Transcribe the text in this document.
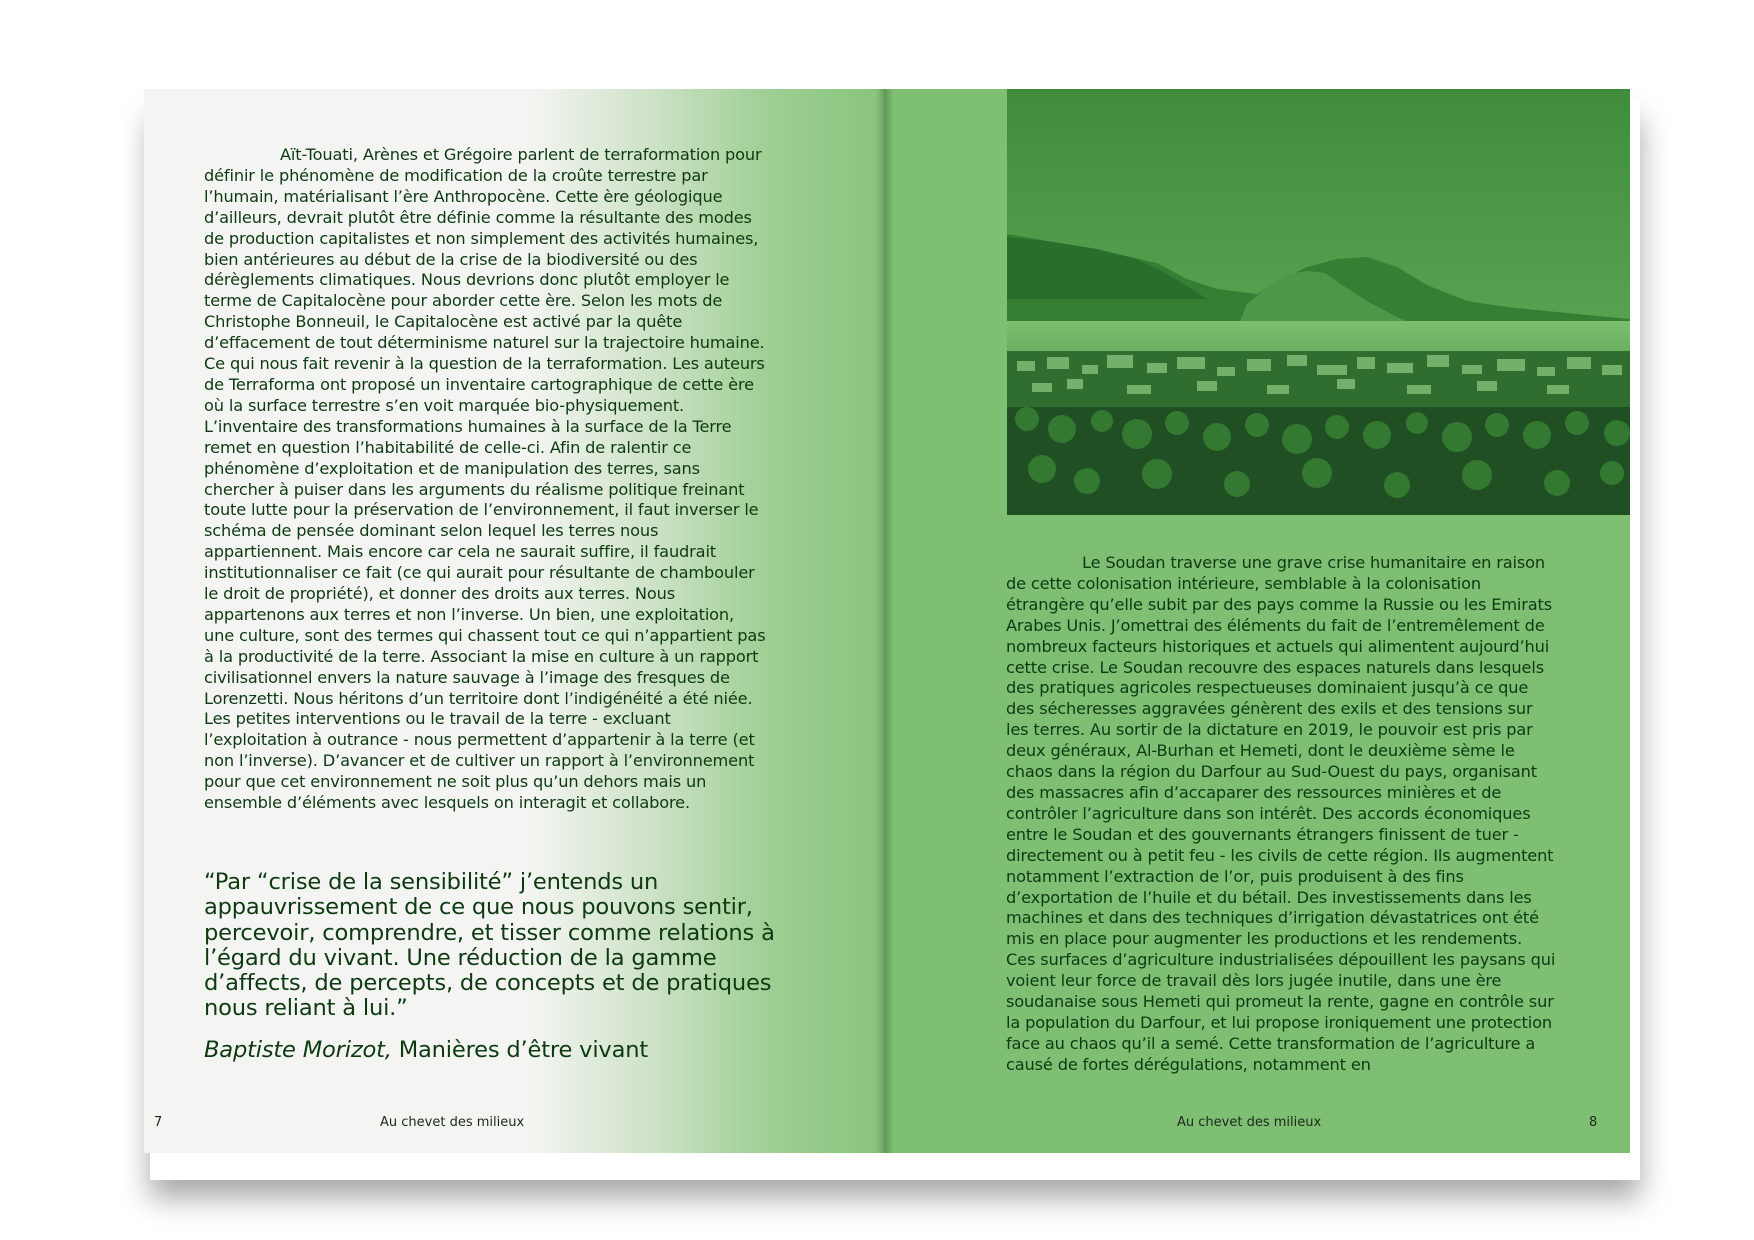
Aït-Touati, Arènes et Grégoire parlent de terraformation pour définir le phénomène de modification de la croûte terrestre par l’humain, matérialisant l’ère Anthropocène. Cette ère géologique d’ailleurs, devrait plutôt être définie comme la résultante des modes de production capitalistes et non simplement des activités humaines, bien antérieures au début de la crise de la biodiversité ou des dérèglements climatiques. Nous devrions donc plutôt employer le terme de Capitalocène pour aborder cette ère. Selon les mots de Christophe Bonneuil, le Capitalocène est activé par la quête d’effacement de tout déterminisme naturel sur la trajectoire humaine. Ce qui nous fait revenir à la question de la terraformation. Les auteurs de Terraforma ont proposé un inventaire cartographique de cette ère où la surface terrestre s’en voit marquée bio-physiquement. L’inventaire des transformations humaines à la surface de la Terre remet en question l’habitabilité de celle-ci. Afin de ralentir ce phénomène d’exploitation et de manipulation des terres, sans chercher à puiser dans les arguments du réalisme politique freinant toute lutte pour la préservation de l’environnement, il faut inverser le schéma de pensée dominant selon lequel les terres nous appartiennent. Mais encore car cela ne saurait suffire, il faudrait institutionnaliser ce fait (ce qui aurait pour résultante de chambouler le droit de propriété), et donner des droits aux terres. Nous appartenons aux terres et non l’inverse. Un bien, une exploitation, une culture, sont des termes qui chassent tout ce qui n’appartient pas à la productivité de la terre. Associant la mise en culture à un rapport civilisationnel envers la nature sauvage à l’image des fresques de Lorenzetti. Nous héritons d’un territoire dont l’indigénéité a été niée. Les petites interventions ou le travail de la terre - excluant l’exploitation à outrance - nous permettent d’appartenir à la terre (et non l’inverse). D’avancer et de cultiver un rapport à l’environnement pour que cet environnement ne soit plus qu’un dehors mais un ensemble d’éléments avec lesquels on interagit et collabore.

“Par “crise de la sensibilité” j’entends un appauvrissement de ce que nous pouvons sentir, percevoir, comprendre, et tisser comme relations à l’égard du vivant. Une réduction de la gamme d’affects, de percepts, de concepts et de pratiques nous reliant à lui.”
Baptiste Morizot, Manières d’être vivant
7	Au chevet des milieux

Le Soudan traverse une grave crise humanitaire en raison de cette colonisation intérieure, semblable à la colonisation étrangère qu’elle subit par des pays comme la Russie ou les Emirats Arabes Unis. J’omettrai des éléments du fait de l’entremêlement de nombreux facteurs historiques et actuels qui alimentent aujourd’hui cette crise. Le Soudan recouvre des espaces naturels dans lesquels des pratiques agricoles respectueuses dominaient jusqu’à ce que des sécheresses aggravées génèrent des exils et des tensions sur les terres. Au sortir de la dictature en 2019, le pouvoir est pris par deux généraux, Al-Burhan et Hemeti, dont le deuxième sème le chaos dans la région du Darfour au Sud-Ouest du pays, organisant des massacres afin d’accaparer des ressources minières et de contrôler l’agriculture dans son intérêt. Des accords économiques entre le Soudan et des gouvernants étrangers finissent de tuer - directement ou à petit feu - les civils de cette région. Ils augmentent notamment l’extraction de l’or, puis produisent à des fins d’exportation de l’huile et du bétail. Des investissements dans les machines et dans des techniques d’irrigation dévastatrices ont été mis en place pour augmenter les productions et les rendements. Ces surfaces d’agriculture industrialisées dépouillent les paysans qui voient leur force de travail dès lors jugée inutile, dans une ère soudanaise sous Hemeti qui promeut la rente, gagne en contrôle sur la population du Darfour, et lui propose ironiquement une protection face au chaos qu’il a semé. Cette transformation de l’agriculture a causé de fortes dérégulations, notamment en

Au chevet des milieux	8
